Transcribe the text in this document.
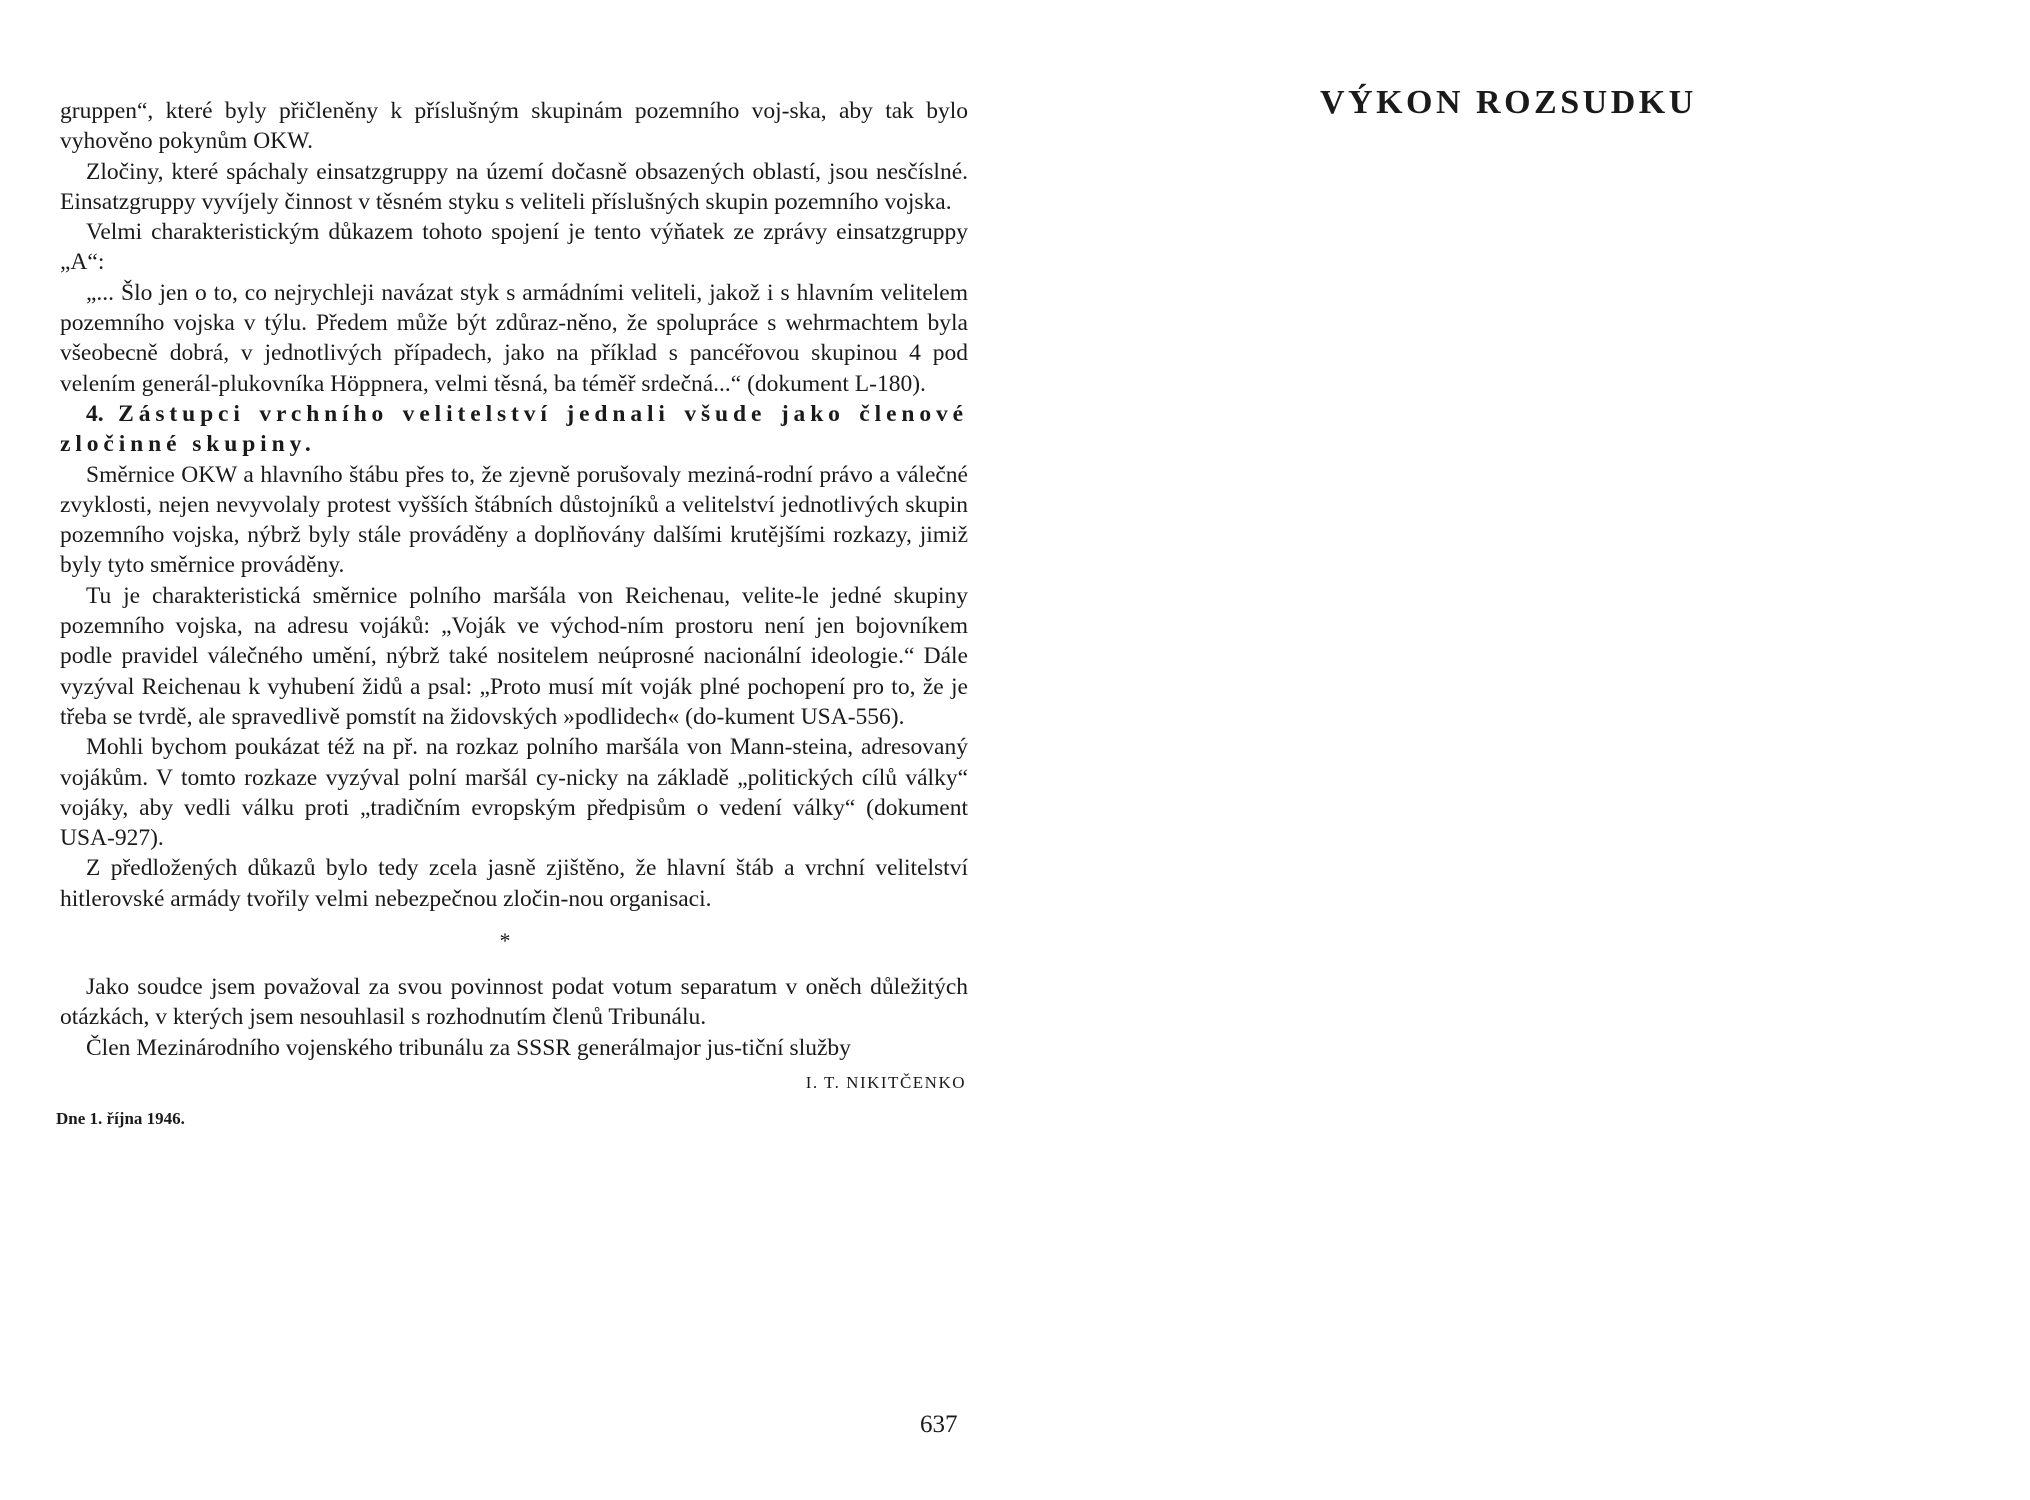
gruppen“, které byly přičleněny k příslušným skupinám pozemního voj-ska, aby tak bylo vyhověno pokynům OKW.

Zločiny, které spáchaly einsatzgruppy na území dočasně obsazených oblastí, jsou nesčíslné. Einsatzgruppy vyvíjely činnost v těsném styku s veliteli příslušných skupin pozemního vojska.

Velmi charakteristickým důkazem tohoto spojení je tento výňatek ze zprávy einsatzgruppy „A“:

„... Šlo jen o to, co nejrychleji navázat styk s armádními veliteli, jakož i s hlavním velitelem pozemního vojska v týlu. Předem může být zdůraz-něno, že spolupráce s wehrmachtem byla všeobecně dobrá, v jednotlivých případech, jako na příklad s pancéřovou skupinou 4 pod velením generál-plukovníka Höppnera, velmi těsná, ba téměř srdečná...“ (dokument L-180).

4. Zástupci vrchního velitelství jednali všude jako členové zločinné skupiny.

Směrnice OKW a hlavního štábu přes to, že zjevně porušovaly meziná-rodní právo a válečné zvyklosti, nejen nevyvolaly protest vyšších štábních důstojníků a velitelství jednotlivých skupin pozemního vojska, nýbrž byly stále prováděny a doplňovány dalšími krutějšími rozkazy, jimiž byly tyto směrnice prováděny.

Tu je charakteristická směrnice polního maršála von Reichenau, velite-le jedné skupiny pozemního vojska, na adresu vojáků: „Voják ve východ-ním prostoru není jen bojovníkem podle pravidel válečného umění, nýbrž také nositelem neúprosné nacionální ideologie.“ Dále vyzýval Reichenau k vyhubení židů a psal: „Proto musí mít voják plné pochopení pro to, že je třeba se tvrdě, ale spravedlivě pomstít na židovských »podlidech« (do-kument USA-556).

Mohli bychom poukázat též na př. na rozkaz polního maršála von Mann-steina, adresovaný vojákům. V tomto rozkaze vyzýval polní maršál cy-nicky na základě „politických cílů války“ vojáky, aby vedli válku proti „tradičním evropským předpisům o vedení války“ (dokument USA-927).

Z předložených důkazů bylo tedy zcela jasně zjištěno, že hlavní štáb a vrchní velitelství hitlerovské armády tvořily velmi nebezpečnou zločin-nou organisaci.

*

Jako soudce jsem považoval za svou povinnost podat votum separatum v oněch důležitých otázkách, v kterých jsem nesouhlasil s rozhodnutím členů Tribunálu.

Člen Mezinárodního vojenského tribunálu za SSSR generálmajor jus-tiční služby

I. T. NIKITČENKO
Dne 1. října 1946.
637
VÝKON ROZSUDKU
